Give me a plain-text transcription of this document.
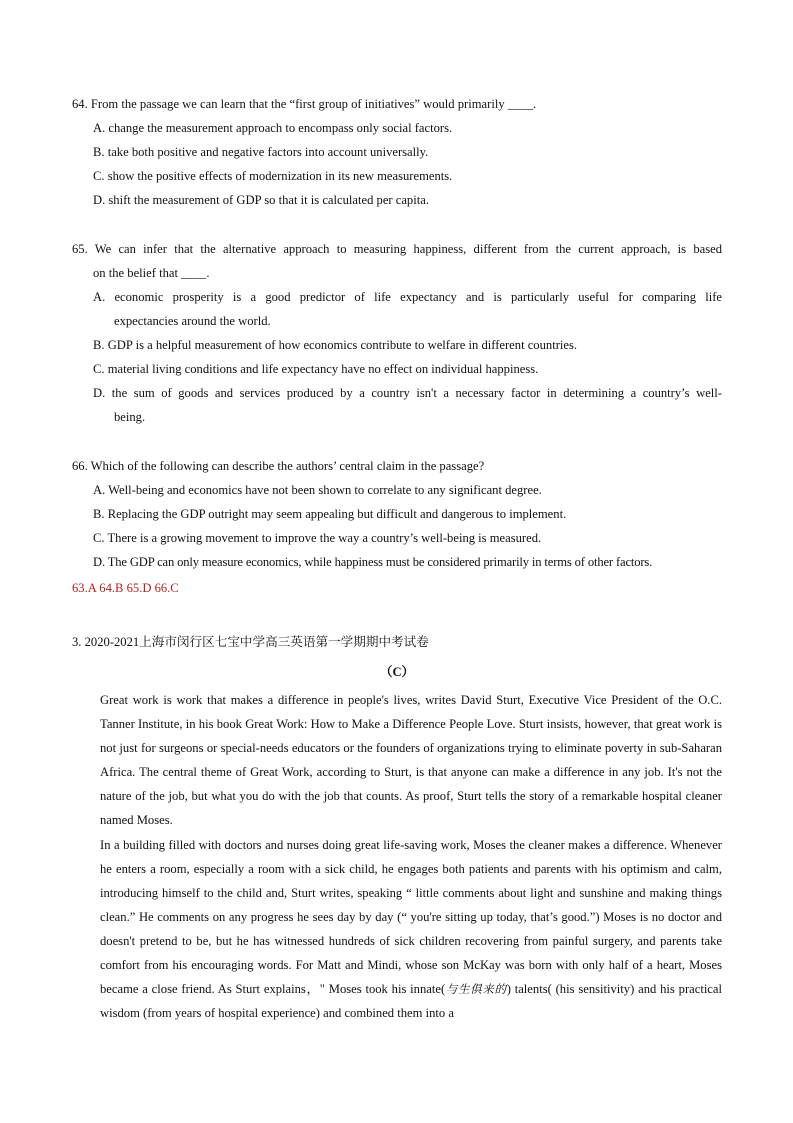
64. From the passage we can learn that the “first group of initiatives” would primarily ____.

A. change the measurement approach to encompass only social factors.

B. take both positive and negative factors into account universally.

C. show the positive effects of modernization in its new measurements.

D. shift the measurement of GDP so that it is calculated per capita.

65. We can infer that the alternative approach to measuring happiness, different from the current approach, is based

on the belief that ____.

A. economic prosperity is a good predictor of life expectancy and is particularly useful for comparing life

expectancies around the world.

B. GDP is a helpful measurement of how economics contribute to welfare in different countries.

C. material living conditions and life expectancy have no effect on individual happiness.

D. the sum of goods and services produced by a country isn't a necessary factor in determining a country’s well-

being.

66. Which of the following can describe the authors’ central claim in the passage?

A. Well-being and economics have not been shown to correlate to any significant degree.

B. Replacing the GDP outright may seem appealing but difficult and dangerous to implement.

C. There is a growing movement to improve the way a country’s well-being is measured.

D. The GDP can only measure economics, while happiness must be considered primarily in terms of other factors.

63.A 64.B 65.D 66.C

3. 2020-2021上海市闵行区七宝中学高三英语第一学期期中考试卷

（C）

Great work is work that makes a difference in people's lives, writes David Sturt, Executive Vice President of the O.C. Tanner Institute, in his book Great Work: How to Make a Difference People Love. Sturt insists, however, that great work is not just for surgeons or special-needs educators or the founders of organizations trying to eliminate poverty in sub-Saharan Africa. The central theme of Great Work, according to Sturt, is that anyone can make a difference in any job. It's not the nature of the job, but what you do with the job that counts. As proof, Sturt tells the story of a remarkable hospital cleaner named Moses.

In a building filled with doctors and nurses doing great life-saving work, Moses the cleaner makes a difference. Whenever he enters a room, especially a room with a sick child, he engages both patients and parents with his optimism and calm, introducing himself to the child and, Sturt writes, speaking “ little comments about light and sunshine and making things clean.” He comments on any progress he sees day by day (“ you're sitting up today, that’s good.”) Moses is no doctor and doesn't pretend to be, but he has witnessed hundreds of sick children recovering from painful surgery, and parents take comfort from his encouraging words. For Matt and Mindi, whose son McKay was born with only half of a heart, Moses became a close friend. As Sturt explains，" Moses took his innate(与生俱来的) talents( (his sensitivity) and his practical wisdom (from years of hospital experience) and combined them into a
